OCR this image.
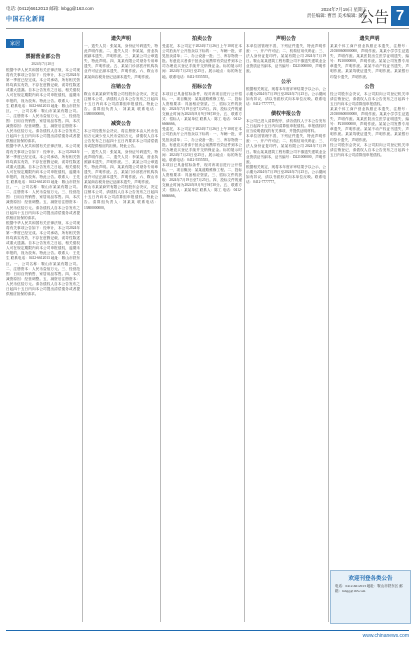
电话: (0412)6612013 邮箱: lnbgg@163.com
中国石化新闻
2024年7月19日 星期五
责任编辑: 曹晋 美术编辑: 龚正
公告 7
家居
票据营业部公告
2024年7月20日

根据中华人民共和国有关法律法规，本公司现将有关事项公告如下：经审计，本公司2024年第一季度已经完成。本公司承诺，所有相关资料均真实有效，不存在虚假记载、误导性陈述或重大遗漏。自本公告发布之日起，相关债权人可在规定期限内向本公司申报债权，逾期未申报的，视为放弃。特此公告。联系人：王先生 联系电话：0412-6612013 地址：鞍山市铁东区。一、公司名称：鞍山市某某有限公司。二、注册资本：人民币壹佰万元。三、经营范围：日用百货销售、家居用品零售。四、本次减资原因：经营调整。五、减资后注册资本：人民币伍拾万元。请各债权人自本公告发布之日起四十五日内向本公司提出清偿债务或者提供相应担保的请求。

根据中华人民共和国有关法律法规，本公司现将有关事项公告如下：经审计，本公司2024年第一季度已经完成。本公司承诺，所有相关资料均真实有效，不存在虚假记载、误导性陈述或重大遗漏。自本公告发布之日起，相关债权人可在规定期限内向本公司申报债权，逾期未申报的，视为放弃。特此公告。联系人：王先生 联系电话：0412-6612013 地址：鞍山市铁东区。一、公司名称：鞍山市某某有限公司。二、注册资本：人民币壹佰万元。三、经营范围：日用百货销售、家居用品零售。四、本次减资原因：经营调整。五、减资后注册资本：人民币伍拾万元。请各债权人自本公告发布之日起四十五日内向本公司提出清偿债务或者提供相应担保的请求。

根据中华人民共和国有关法律法规，本公司现将有关事项公告如下：经审计，本公司2024年第一季度已经完成。本公司承诺，所有相关资料均真实有效，不存在虚假记载、误导性陈述或重大遗漏。自本公告发布之日起，相关债权人可在规定期限内向本公司申报债权，逾期未申报的，视为放弃。特此公告。联系人：王先生 联系电话：0412-6612013 地址：鞍山市铁东区。一、公司名称：鞍山市某某有限公司。二、注册资本：人民币壹佰万元。三、经营范围：日用百货销售、家居用品零售。四、本次减资原因：经营调整。五、减资后注册资本：人民币伍拾万元。请各债权人自本公告发布之日起四十五日内向本公司提出清偿债务或者提供相应担保的请求。

遗失声明

一、遗失人员：张某某，身份证号码遗失，特此声明作废。二、遗失人员：李某某，营业执照副本遗失，声明作废。三、某某公司公章遗失，特此声明。四、某某有限公司财务专用章遗失，声明作废。五、某某门诊部医疗机构执业许可证正副本遗失，声明作废。六、鞍山市某某商店税务登记证副本遗失，声明作废。

注销公告

鞍山市某某商贸有限公司经股东会决议，决定注销本公司，请债权人自本公告发布之日起四十五日内向本公司清算组申报债权。特此公告。清算组负责人：刘某某 联系电话：13800000000。

减资公告

本公司经股东会决议，将注册资本由人民币伍佰万元减少至人民币壹佰万元，请债权人自本公告发布之日起四十五日内要求本公司清偿债务或提供相应的担保。特此公告。

一、遗失人员：张某某，身份证号码遗失，特此声明作废。二、遗失人员：李某某，营业执照副本遗失，声明作废。三、某某公司公章遗失，特此声明。四、某某有限公司财务专用章遗失，声明作废。五、某某门诊部医疗机构执业许可证正副本遗失，声明作废。六、鞍山市某某商店税务登记证副本遗失，声明作废。

鞍山市某某商贸有限公司经股东会决议，决定注销本公司，请债权人自本公告发布之日起四十五日内向本公司清算组申报债权。特此公告。清算组负责人：刘某某 联系电话：13800000000。

拍卖公告

受委托，本公司定于2024年7月26日上午10时在本公司拍卖厅公开拍卖以下标的：一、车辆一批，详见拍卖清单；二、办公设备一批；三、库存物资一批。有意竞买者请于拍卖会前携带有效证件到本公司办理竞买登记手续并交纳保证金。标的展示时间：2024年7月23日至25日。展示地点：标的所在地。联系电话：0412-5555555。

招标公告

本项目已具备招标条件，现对该项目进行公开招标。一、项目概况：某某道路维修工程。二、投标人资格要求：具备相应资质。三、招标文件的获取：2024年7月19日至7月25日。四、投标文件的递交截止时间为2024年8月9日9时30分。五、联系方式：招标人：某某单位 联系人：陈工 电话：0412-6666666。

受委托，本公司定于2024年7月26日上午10时在本公司拍卖厅公开拍卖以下标的：一、车辆一批，详见拍卖清单；二、办公设备一批；三、库存物资一批。有意竞买者请于拍卖会前携带有效证件到本公司办理竞买登记手续并交纳保证金。标的展示时间：2024年7月23日至25日。展示地点：标的所在地。联系电话：0412-5555555。

本项目已具备招标条件，现对该项目进行公开招标。一、项目概况：某某道路维修工程。二、投标人资格要求：具备相应资质。三、招标文件的获取：2024年7月19日至7月25日。四、投标文件的递交截止时间为2024年8月9日9时30分。五、联系方式：招标人：某某单位 联系人：陈工 电话：0412-6666666。

声明公告

本单位因管理不善，下列证件遗失，特此声明作废：一、开户许可证；二、机构信用代码证；三、法人身份证复印件。某某有限公司 2024年7月19日。鞍山某某建筑工程有限公司不慎遗失建筑业企业资质证书副本，证书编号：D221000000，声明作废。

公示

根据相关规定，现将本年度评审结果予以公示，公示期为2024年7月19日至2024年7月25日。公示期间如有异议，请以书面形式向本单位反映。联系电话：0412-7777777。

债权申报公告

本公司已进入清算程序，请各债权人于本公告发布之日起四十五日内向清算组申报债权。申报债权时应当说明债权的有关事项，并提供证明材料。

本单位因管理不善，下列证件遗失，特此声明作废：一、开户许可证；二、机构信用代码证；三、法人身份证复印件。某某有限公司 2024年7月19日。鞍山某某建筑工程有限公司不慎遗失建筑业企业资质证书副本，证书编号：D221000000，声明作废。

根据相关规定，现将本年度评审结果予以公示，公示期为2024年7月19日至2024年7月25日。公示期间如有异议，请以书面形式向本单位反映。联系电话：0412-7777777。

遗失声明

某某个体工商户营业执照正本遗失，注册号：210300600000000，声明作废。某某小学学生证遗失，声明作废。某某医院出生医学证明遗失，编号：P210000000，声明作废。某某公司发票专用章遗失，声明作废。某某不动产权证书遗失，声明作废。某某驾驶证遗失，声明作废。某某银行印鉴卡遗失，声明作废。

公告

经公司股东会决议，本公司拟向公司登记机关申请注销登记，请债权人自本公告发布之日起四十五日内向本公司清算组申报债权。

某某个体工商户营业执照正本遗失，注册号：210300600000000，声明作废。某某小学学生证遗失，声明作废。某某医院出生医学证明遗失，编号：P210000000，声明作废。某某公司发票专用章遗失，声明作废。某某不动产权证书遗失，声明作废。某某驾驶证遗失，声明作废。某某银行印鉴卡遗失，声明作废。

经公司股东会决议，本公司拟向公司登记机关申请注销登记，请债权人自本公告发布之日起四十五日内向本公司清算组申报债权。

欢迎刊登各类公告
电话：0412-6612013 地址：鞍山市铁东区 邮箱：lnbgg@163.com
www.chinanews.com
